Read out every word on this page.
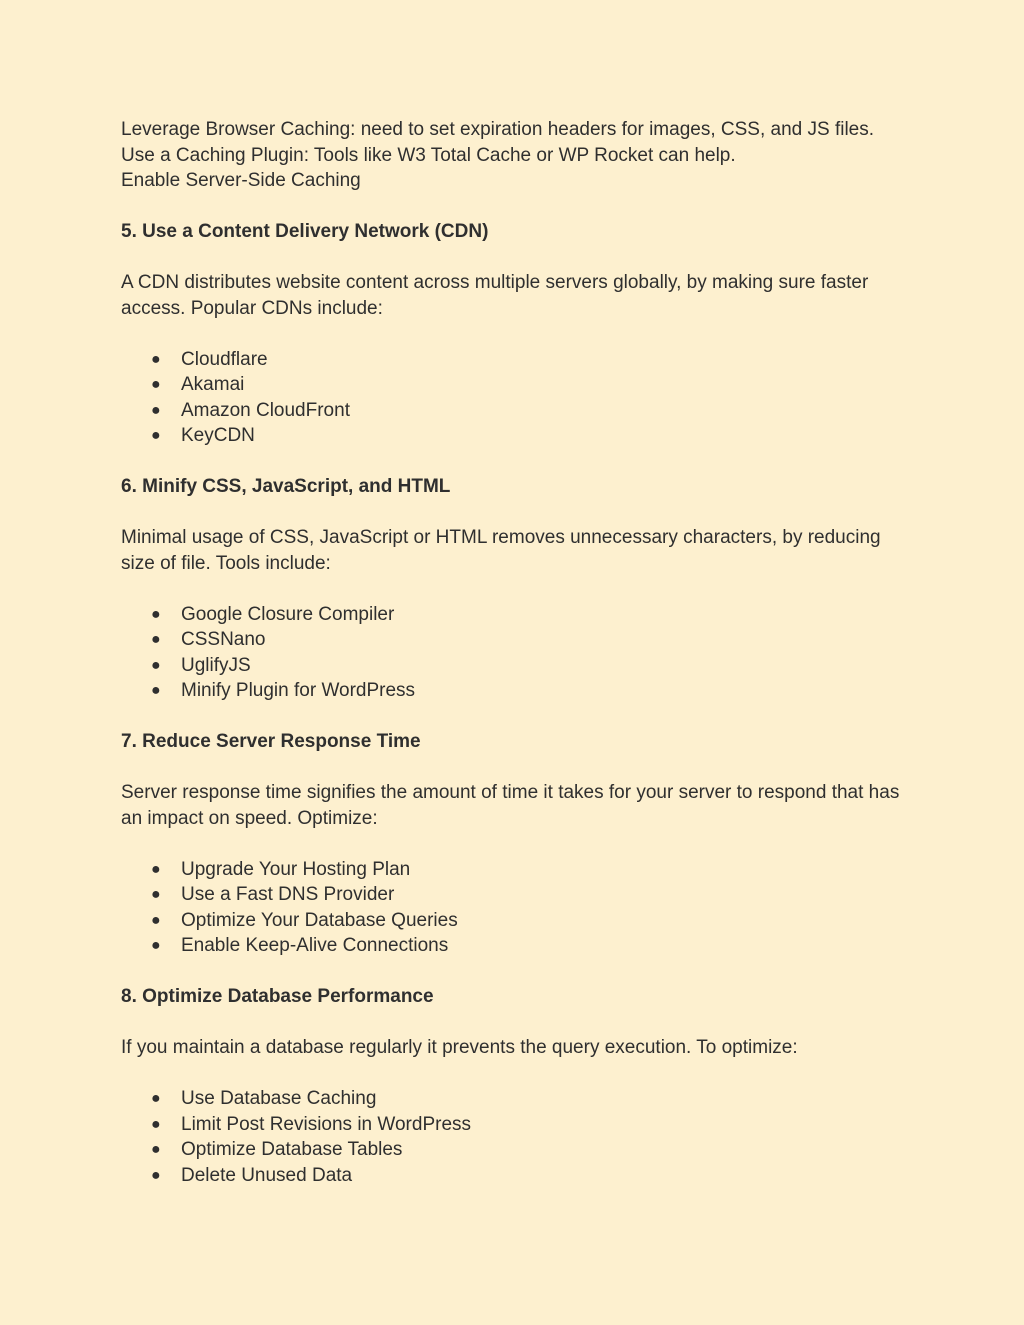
Leverage Browser Caching: need to set expiration headers for images, CSS, and JS files.

Use a Caching Plugin: Tools like W3 Total Cache or WP Rocket can help.

Enable Server-Side Caching

5. Use a Content Delivery Network (CDN)

A CDN distributes website content across multiple servers globally, by making sure faster access. Popular CDNs include:

● Cloudflare
● Akamai
● Amazon CloudFront
● KeyCDN

6. Minify CSS, JavaScript, and HTML

Minimal usage of CSS, JavaScript or HTML removes unnecessary characters, by reducing size of file. Tools include:

● Google Closure Compiler
● CSSNano
● UglifyJS
● Minify Plugin for WordPress

7. Reduce Server Response Time

Server response time signifies the amount of time it takes for your server to respond that has an impact on speed. Optimize:

● Upgrade Your Hosting Plan
● Use a Fast DNS Provider
● Optimize Your Database Queries
● Enable Keep-Alive Connections

8. Optimize Database Performance

If you maintain a database regularly it prevents the query execution. To optimize:

● Use Database Caching
● Limit Post Revisions in WordPress
● Optimize Database Tables
● Delete Unused Data
